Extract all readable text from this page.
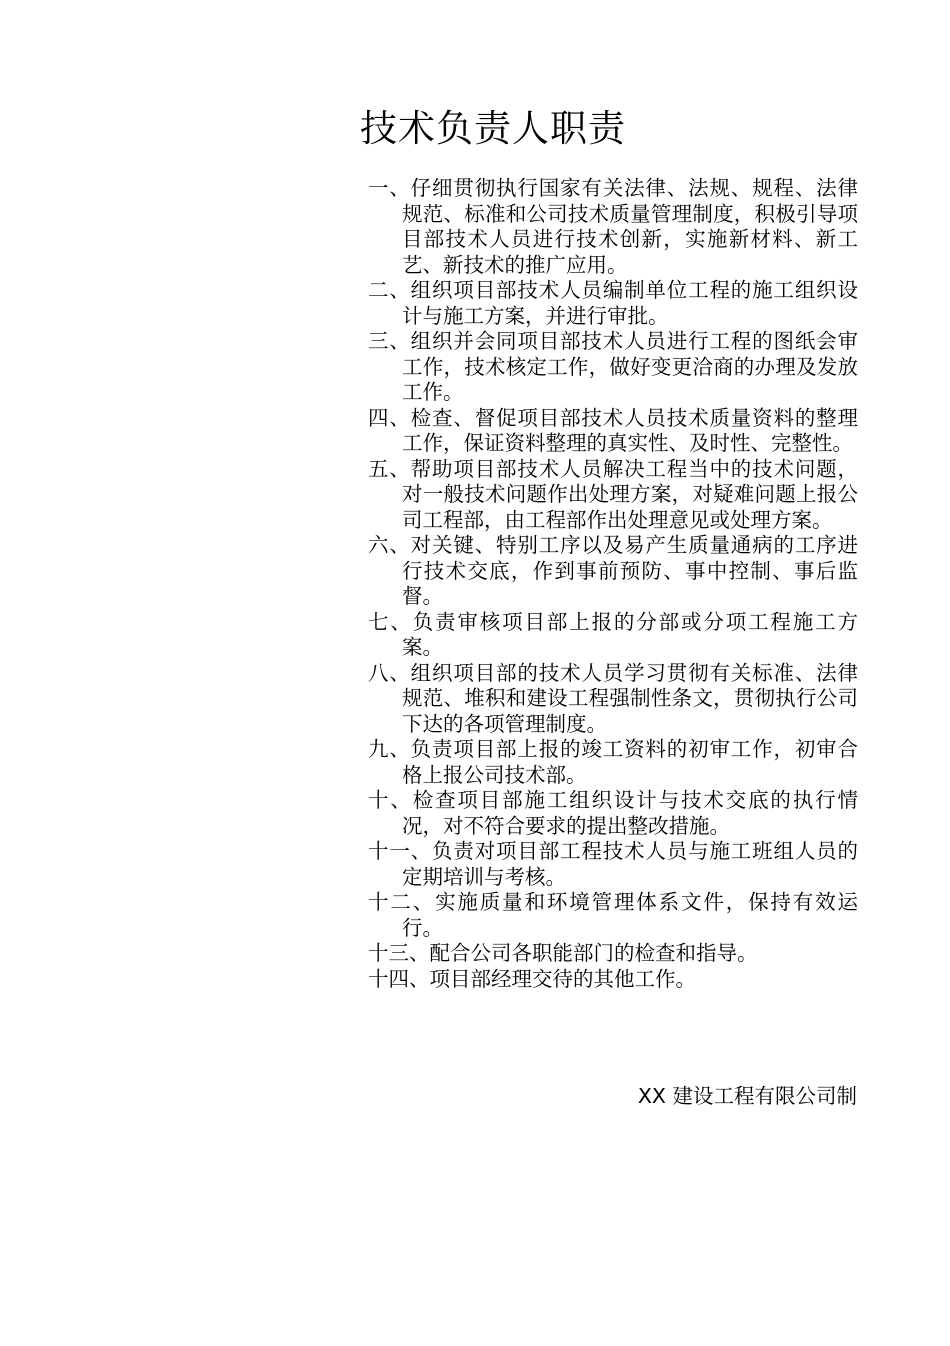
技术负责人职责
一、仔细贯彻执行国家有关法律、法规、规程、法律规范、标准和公司技术质量管理制度，积极引导项目部技术人员进行技术创新，实施新材料、新工艺、新技术的推广应用。
二、组织项目部技术人员编制单位工程的施工组织设计与施工方案，并进行审批。
三、组织并会同项目部技术人员进行工程的图纸会审工作，技术核定工作，做好变更洽商的办理及发放工作。
四、检查、督促项目部技术人员技术质量资料的整理工作，保证资料整理的真实性、及时性、完整性。
五、帮助项目部技术人员解决工程当中的技术问题，对一般技术问题作出处理方案，对疑难问题上报公司工程部，由工程部作出处理意见或处理方案。
六、对关键、特别工序以及易产生质量通病的工序进行技术交底，作到事前预防、事中控制、事后监督。
七、负责审核项目部上报的分部或分项工程施工方案。
八、组织项目部的技术人员学习贯彻有关标准、法律规范、堆积和建设工程强制性条文，贯彻执行公司下达的各项管理制度。
九、负责项目部上报的竣工资料的初审工作，初审合格上报公司技术部。
十、检查项目部施工组织设计与技术交底的执行情况，对不符合要求的提出整改措施。
十一、负责对项目部工程技术人员与施工班组人员的定期培训与考核。
十二、实施质量和环境管理体系文件，保持有效运行。
十三、配合公司各职能部门的检查和指导。
十四、项目部经理交待的其他工作。
XX 建设工程有限公司制
